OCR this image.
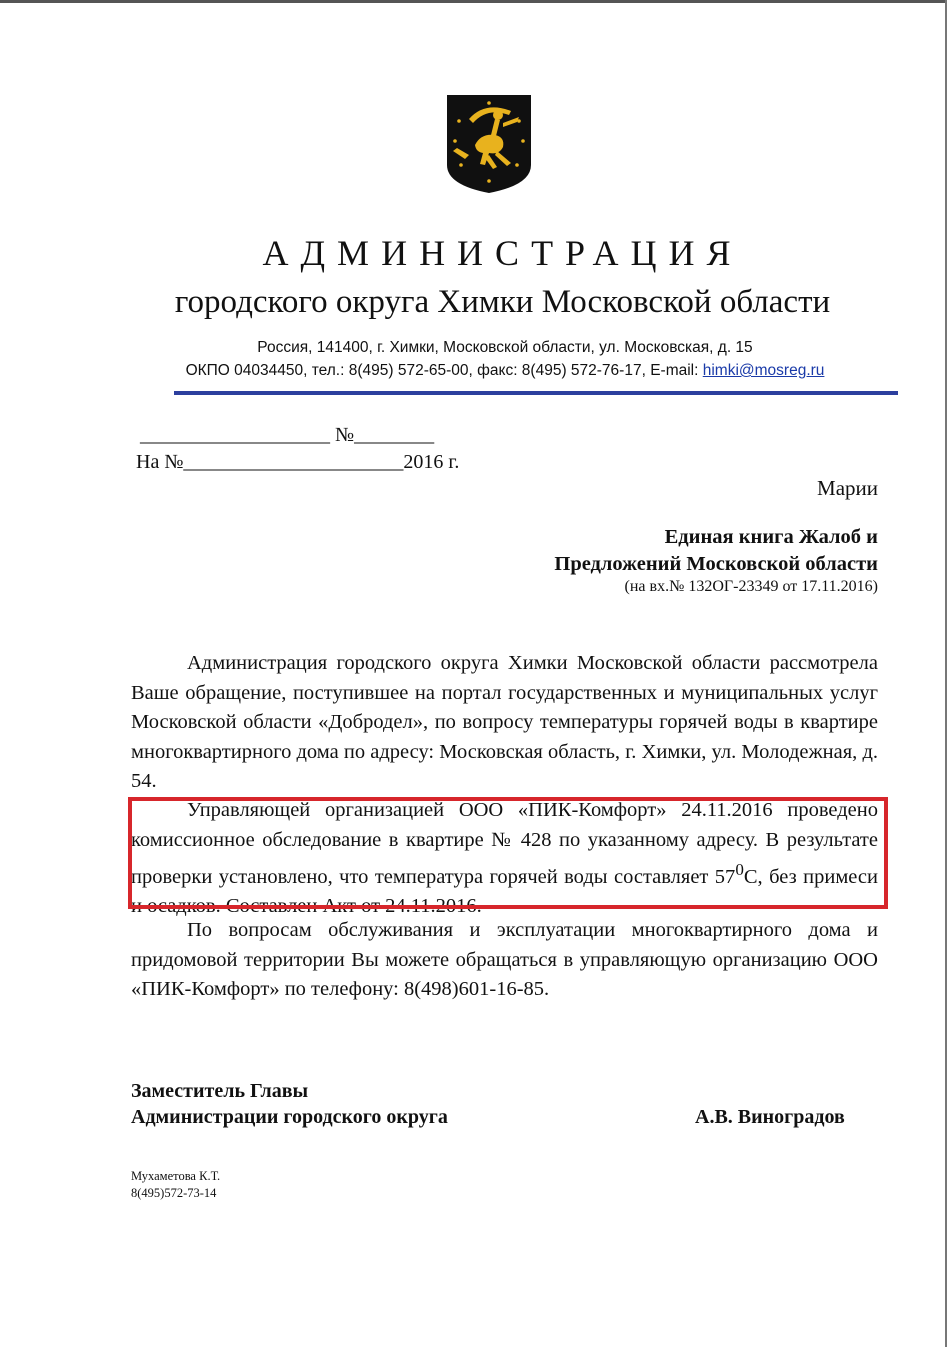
АДМИНИСТРАЦИЯ
городского округа Химки Московской области
Россия, 141400, г. Химки, Московской области, ул. Московская, д. 15
ОКПО 04034450, тел.: 8(495) 572-65-00, факс: 8(495) 572-76-17, E-mail: himki@mosreg.ru
___________________ №________
На №______________________2016 г.
Марии
Единая книга Жалоб и
Предложений Московской области
(на вх.№ 132ОГ-23349 от 17.11.2016)

Администрация городского округа Химки Московской области рассмотрела Ваше обращение, поступившее на портал государственных и муниципальных услуг Московской области «Добродел», по вопросу температуры горячей воды в квартире многоквартирного дома по адресу: Московская область, г. Химки, ул. Молодежная, д. 54.

Управляющей организацией ООО «ПИК-Комфорт» 24.11.2016 проведено комиссионное обследование в квартире № 428 по указанному адресу. В результате проверки установлено, что температура горячей воды составляет $57^0С$, без примеси и осадков. Составлен Акт от 24.11.2016.

По вопросам обслуживания и эксплуатации многоквартирного дома и придомовой территории Вы можете обращаться в управляющую организацию ООО «ПИК-Комфорт» по телефону: 8(498)601-16-85.

Заместитель Главы
Администрации городского округа	А.В. Виноградов
Мухаметова К.Т.
8(495)572-73-14
